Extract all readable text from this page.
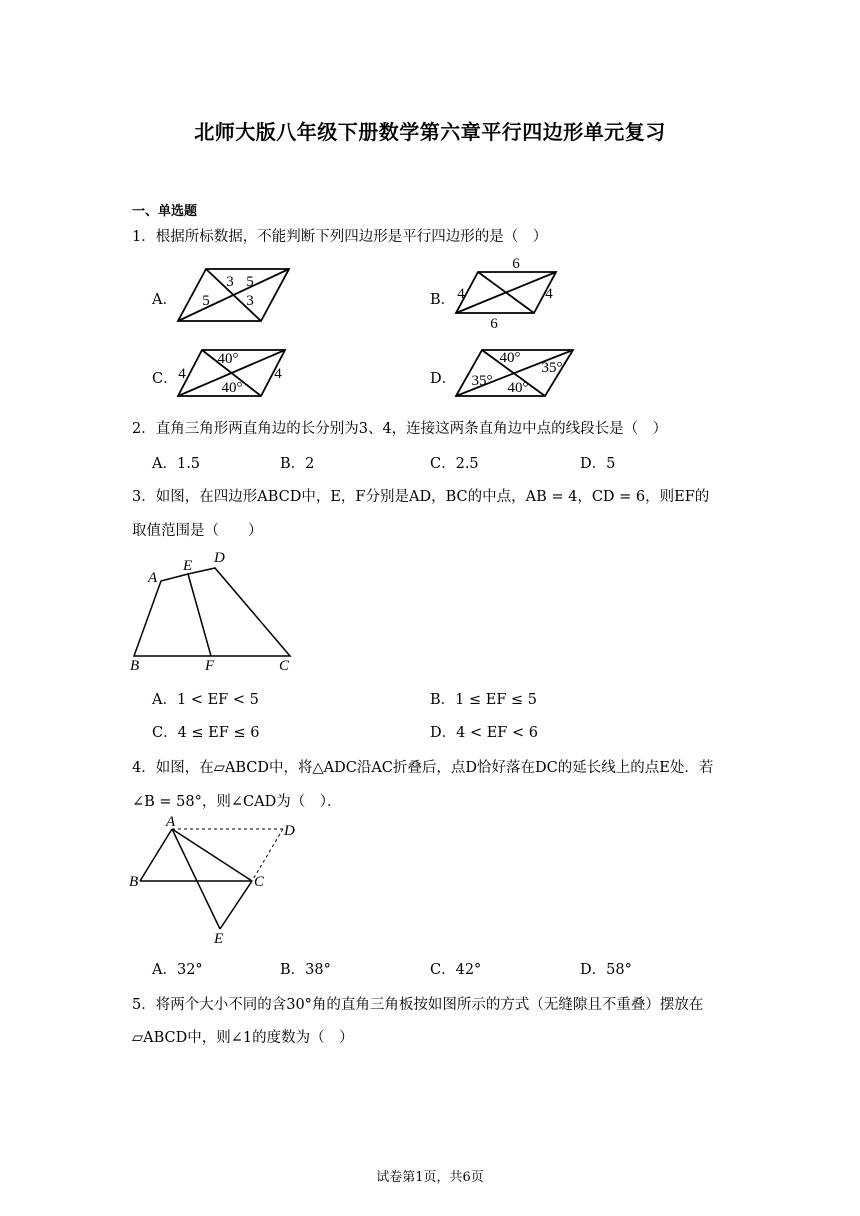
北师大版八年级下册数学第六章平行四边形单元复习
一、单选题
1．根据所标数据，不能判断下列四边形是平行四边形的是（　）
A．
3 5
5 3	B．
6
4	4
6
C．
40°
4
40°
4	D．
40°
35°
35° 40°
2．直角三角形两直角边的长分别为3、4，连接这两条直角边中点的线段长是（　）
A．1.5	B．2	C．2.5	D．5
3．如图，在四边形ABCD中，E，F分别是AD，BC的中点，AB = 4，CD = 6，则EF的
取值范围是（　　）
A
E D
B	F	C
A．1 < EF < 5	B．1 ≤ EF ≤ 5
C．4 ≤ EF ≤ 6	D．4 < EF < 6
4．如图，在▱ABCD中，将△ADC沿AC折叠后，点D恰好落在DC的延长线上的点E处．若
∠B = 58°，则∠CAD为（　）．
A
D
B	C
E
A．32°	B．38°	C．42°	D．58°
5．将两个大小不同的含30°角的直角三角板按如图所示的方式（无缝隙且不重叠）摆放在
▱ABCD中，则∠1的度数为（　）
试卷第1页，共6页
